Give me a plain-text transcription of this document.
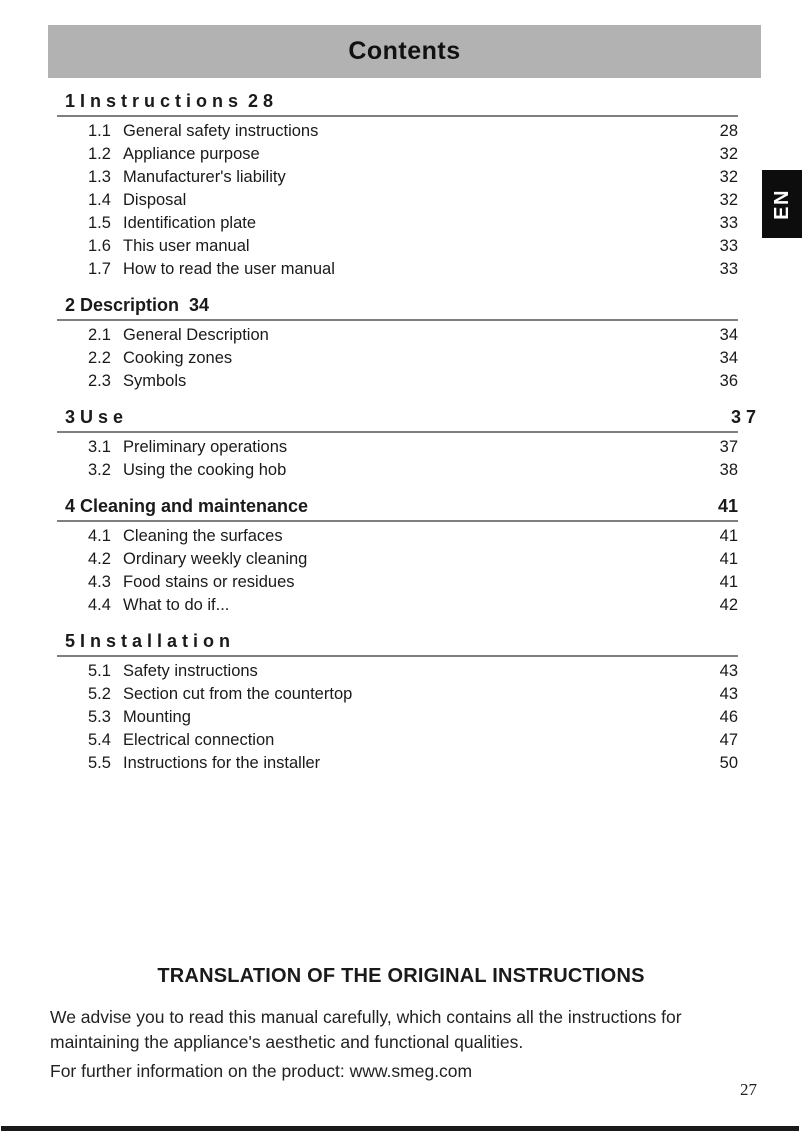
Contents
EN
1 I n s t r u c t i o n s  2 8
1.1 General safety instructions	28
1.2 Appliance purpose	32
1.3 Manufacturer's liability	32
1.4 Disposal	32
1.5 Identification plate	33
1.6 This user manual	33
1.7 How to read the user manual	33
2 Description  34
2.1 General Description	34
2.2 Cooking zones	34
2.3 Symbols	36
3 U s e	3 7
3.1 Preliminary operations	37
3.2 Using the cooking hob	38
4 Cleaning and maintenance	41
4.1 Cleaning the surfaces	41
4.2 Ordinary weekly cleaning	41
4.3 Food stains or residues	41
4.4 What to do if...	42
5 I n s t a l l a t i o n
5.1 Safety instructions	43
5.2 Section cut from the countertop	43
5.3 Mounting	46
5.4 Electrical connection	47
5.5 Instructions for the installer	50
TRANSLATION OF THE ORIGINAL INSTRUCTIONS

We advise you to read this manual carefully, which contains all the instructions for maintaining the appliance's aesthetic and functional qualities.

For further information on the product: www.smeg.com

27
